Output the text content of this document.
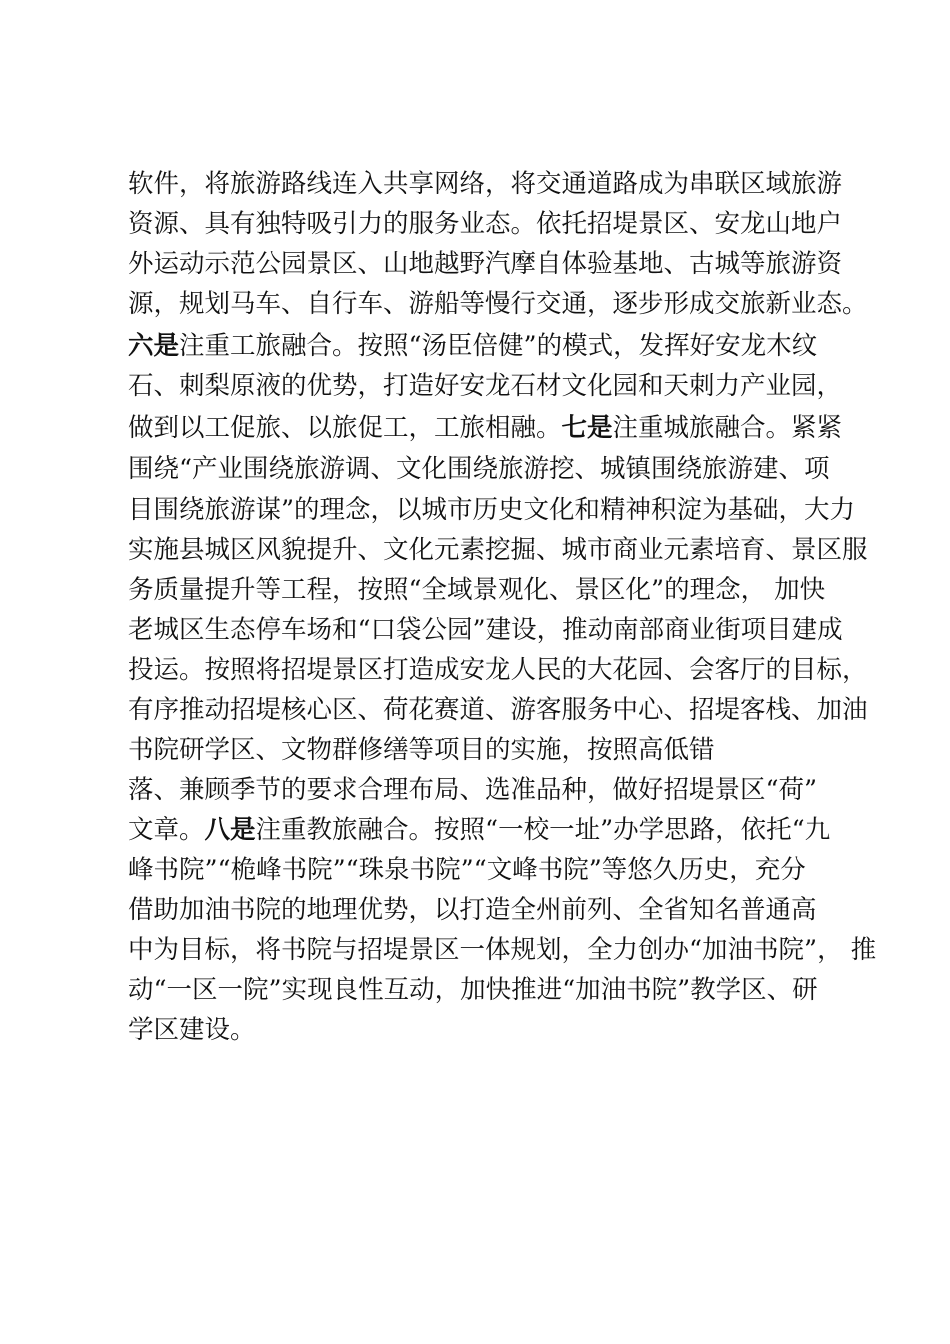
软件，将旅游路线连入共享网络，将交通道路成为串联区域旅游
资源、具有独特吸引力的服务业态。依托招堤景区、安龙山地户
外运动示范公园景区、山地越野汽摩自体验基地、古城等旅游资
源，规划马车、自行车、游船等慢行交通，逐步形成交旅新业态。
六是注重工旅融合。按照“汤臣倍健”的模式，发挥好安龙木纹
石、刺梨原液的优势，打造好安龙石材文化园和天刺力产业园，
做到以工促旅、以旅促工，工旅相融。七是注重城旅融合。紧紧
围绕“产业围绕旅游调、文化围绕旅游挖、城镇围绕旅游建、项
目围绕旅游谋”的理念，以城市历史文化和精神积淀为基础，大力
实施县城区风貌提升、文化元素挖掘、城市商业元素培育、景区服
务质量提升等工程，按照“全域景观化、景区化”的理念， 加快
老城区生态停车场和“口袋公园”建设，推动南部商业街项目建成
投运。按照将招堤景区打造成安龙人民的大花园、会客厅的目标，
有序推动招堤核心区、荷花赛道、游客服务中心、招堤客栈、加油
书院研学区、文物群修缮等项目的实施，按照高低错
落、兼顾季节的要求合理布局、选准品种，做好招堤景区“荷”
文章。八是注重教旅融合。按照“一校一址”办学思路，依托“九
峰书院”“桅峰书院”“珠泉书院”“文峰书院”等悠久历史，充分
借助加油书院的地理优势，以打造全州前列、全省知名普通高
中为目标，将书院与招堤景区一体规划，全力创办“加油书院”， 推
动“一区一院”实现良性互动，加快推进“加油书院”教学区、研
学区建设。
